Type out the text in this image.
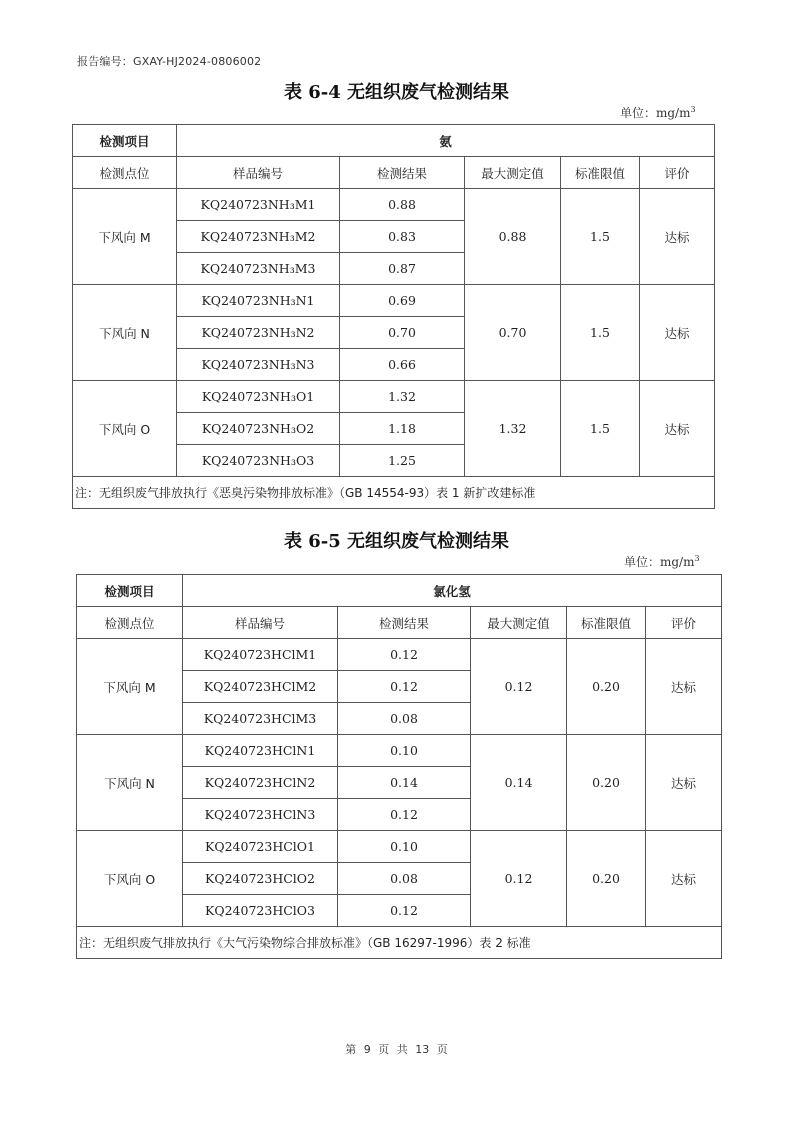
报告编号：GXAY-HJ2024-0806002
表 6-4 无组织废气检测结果
单位：$mg/m^3$
检测项目	氨				
检测点位	样品编号	检测结果	最大测定值	标准限值	评价
下风向 M	KQ240723NH₃M1	0.88	0.88	1.5	达标
	KQ240723NH₃M2	0.83			
	KQ240723NH₃M3	0.87			
下风向 N	KQ240723NH₃N1	0.69	0.70	1.5	达标
	KQ240723NH₃N2	0.70			
	KQ240723NH₃N3	0.66			
下风向 O	KQ240723NH₃O1	1.32	1.32	1.5	达标
	KQ240723NH₃O2	1.18			
	KQ240723NH₃O3	1.25			
注：无组织废气排放执行《恶臭污染物排放标准》（GB 14554-93）表 1 新扩改建标准					
表 6-5 无组织废气检测结果
单位：$mg/m^3$
检测项目	氯化氢				
检测点位	样品编号	检测结果	最大测定值	标准限值	评价
下风向 M	KQ240723HClM1	0.12	0.12	0.20	达标
	KQ240723HClM2	0.12			
	KQ240723HClM3	0.08			
下风向 N	KQ240723HClN1	0.10	0.14	0.20	达标
	KQ240723HClN2	0.14			
	KQ240723HClN3	0.12			
下风向 O	KQ240723HClO1	0.10	0.12	0.20	达标
	KQ240723HClO2	0.08			
	KQ240723HClO3	0.12			
注：无组织废气排放执行《大气污染物综合排放标准》（GB 16297-1996）表 2 标准					
第 9 页 共 13 页
